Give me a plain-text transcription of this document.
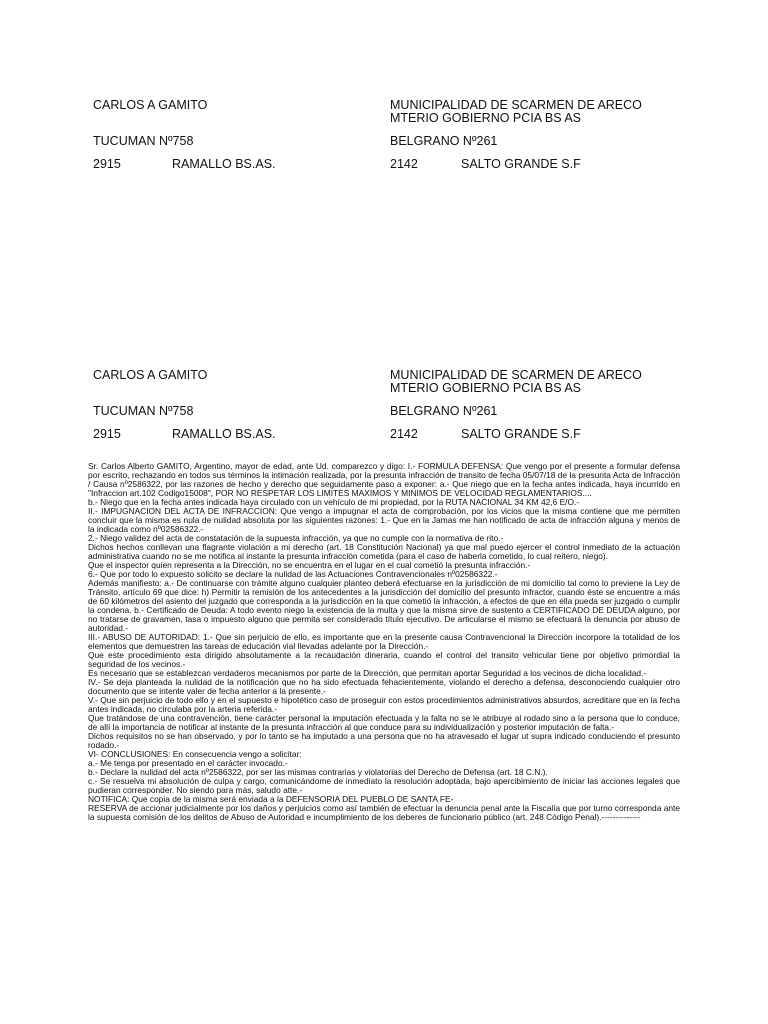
CARLOS A GAMITO	MUNICIPALIDAD DE SCARMEN DE ARECO
MTERIO GOBIERNO PCIA BS AS
TUCUMAN Nº758	BELGRANO Nº261
2915	RAMALLO BS.AS.	2142	SALTO GRANDE S.F
CARLOS A GAMITO	MUNICIPALIDAD DE SCARMEN DE ARECO
MTERIO GOBIERNO PCIA BS AS
TUCUMAN Nº758	BELGRANO Nº261
2915	RAMALLO BS.AS.	2142	SALTO GRANDE S.F

Sr. Carlos Alberto GAMITO, Argentino, mayor de edad, ante Ud. comparezco y digo: I.- FORMULA DEFENSA: Que vengo por el presente a formular defensa por escrito, rechazando en todos sus términos la intimación realizada, por la presunta infracción de transito de fecha 05/07/18 de la presunta Acta de Infracción / Causa nº2586322, por las razones de hecho y derecho que seguidamente paso a exponer: a.- Que niego que en la fecha antes indicada, haya incurrido en "Infraccion art.102 Codigo15008", POR NO RESPETAR LOS LIMITES MAXIMOS Y MINIMOS DE VELOCIDAD REGLAMENTARIOS....

b.- Niego que en la fecha antes indicada haya circulado con un vehículo de mi propiedad, por la RUTA NACIONAL 34 KM 42,6 E/O.-

II.- IMPUGNACION DEL ACTA DE INFRACCION: Que vengo a impugnar el acta de comprobación, por los vicios que la misma contiene que me permiten concluir que la misma es nula de nulidad absoluta por las siguientes razones: 1.- Que en la Jamas me han notificado de acta de infracción alguna y menos de la indicada como nº02586322.-

2.- Niego validez del acta de constatación de la supuesta infracción, ya que no cumple con la normativa de rito.-

Dichos hechos conllevan una flagrante violación a mi derecho (art. 18 Constitución Nacional) ya que mal puedo ejercer el control inmediato de la actuación administrativa cuando no se me notifica al instante la presunta infracción cometida (para el caso de haberla cometido, lo cual reitero, niego).

Que el inspector quien representa a la Dirección, no se encuentra en el lugar en el cual cometió la presunta infracción.-

6.- Que por todo lo expuesto solicito se declare la nulidad de las Actuaciones Contravencionales nº02586322.-

Además manifiesto: a.- De continuarse con trámite alguno cualquier planteo deberá efectuarse en la jurisdicción de mi domicilio tal como lo previene la Ley de Tránsito, artículo 69 que dice: h) Permitir la remisión de los antecedentes a la jurisdicción del domicilio del presunto infractor, cuando éste se encuentre a más de 60 kilómetros del asiento del juzgado que corresponda a la jurisdicción en la que cometió la infracción, a efectos de que en ella pueda ser juzgado o cumplir la condena. b.- Certificado de Deuda: A todo evento niego la existencia de la multa y que la misma sirve de sustento a CERTIFICADO DE DEUDA alguno, por no tratarse de gravamen, tasa o impuesto alguno que permita ser considerado título ejecutivo. De articularse el mismo se efectuará la denuncia por abuso de autoridad.-

III.- ABUSO DE AUTORIDAD: 1.- Que sin perjuicio de ello, es importante que en la presente causa Contravencional la Dirección incorpore la totalidad de los elementos que demuestren las tareas de educación vial llevadas adelante por la Dirección.-

Que este procedimiento esta dirigido absolutamente a la recaudación dineraria, cuando el control del transito vehicular tiene por objetivo primordial la seguridad de los vecinos.-

Es necesario que se establezcan verdaderos mecanismos por parte de la Dirección, que permitan aportar Seguridad a los vecinos de dicha localidad.-

IV.- Se deja planteada la nulidad de la notificación que no ha sido efectuada fehacientemente, violando el derecho a defensa, desconociendo cualquier otro documento que se intente valer de fecha anterior a la presente.-

V.- Que sin perjuicio de todo ello y en el supuesto e hipotético caso de proseguir con estos procedimientos administrativos absurdos, acreditare que en la fecha antes indicada, no circulaba por la arteria referida.-

Que tratándose de una contravención, tiene carácter personal la imputación efectuada y la falta no se le atribuye al rodado sino a la persona que lo conduce, de allí la importancia de notificar al instante de la presunta infracción al que conduce para su individualización y posterior imputación de falta.-

Dichos requisitos no se han observado, y por lo tanto se ha imputado a una persona que no ha atravesado el lugar ut supra indicado conduciendo el presunto rodado.-

VI- CONCLUSIONES: En consecuencia vengo a solicitar:

a.- Me tenga por presentado en el carácter invocado.-

b.- Declare la nulidad del acta nº2586322, por ser las mismas contrarias y violatorias del Derecho de Defensa (art. 18 C.N.).

c.- Se resuelva mi absolución de culpa y cargo, comunicándome de inmediato la resolución adoptada, bajo apercibimiento de iniciar las acciones legales que pudieran corresponder. No siendo para más, saludo atte.-

NOTIFICA: Que copia de la misma será enviada a la DEFENSORIA DEL PUEBLO DE SANTA FE-

RESERVA de accionar judicialmente por los daños y perjuicios como así también de efectuar la denuncia penal ante la Fiscalía que por turno corresponda ante la supuesta comisión de los delitos de Abuso de Autoridad e incumplimiento de los deberes de funcionario público (art. 248 Código Penal).--------------
